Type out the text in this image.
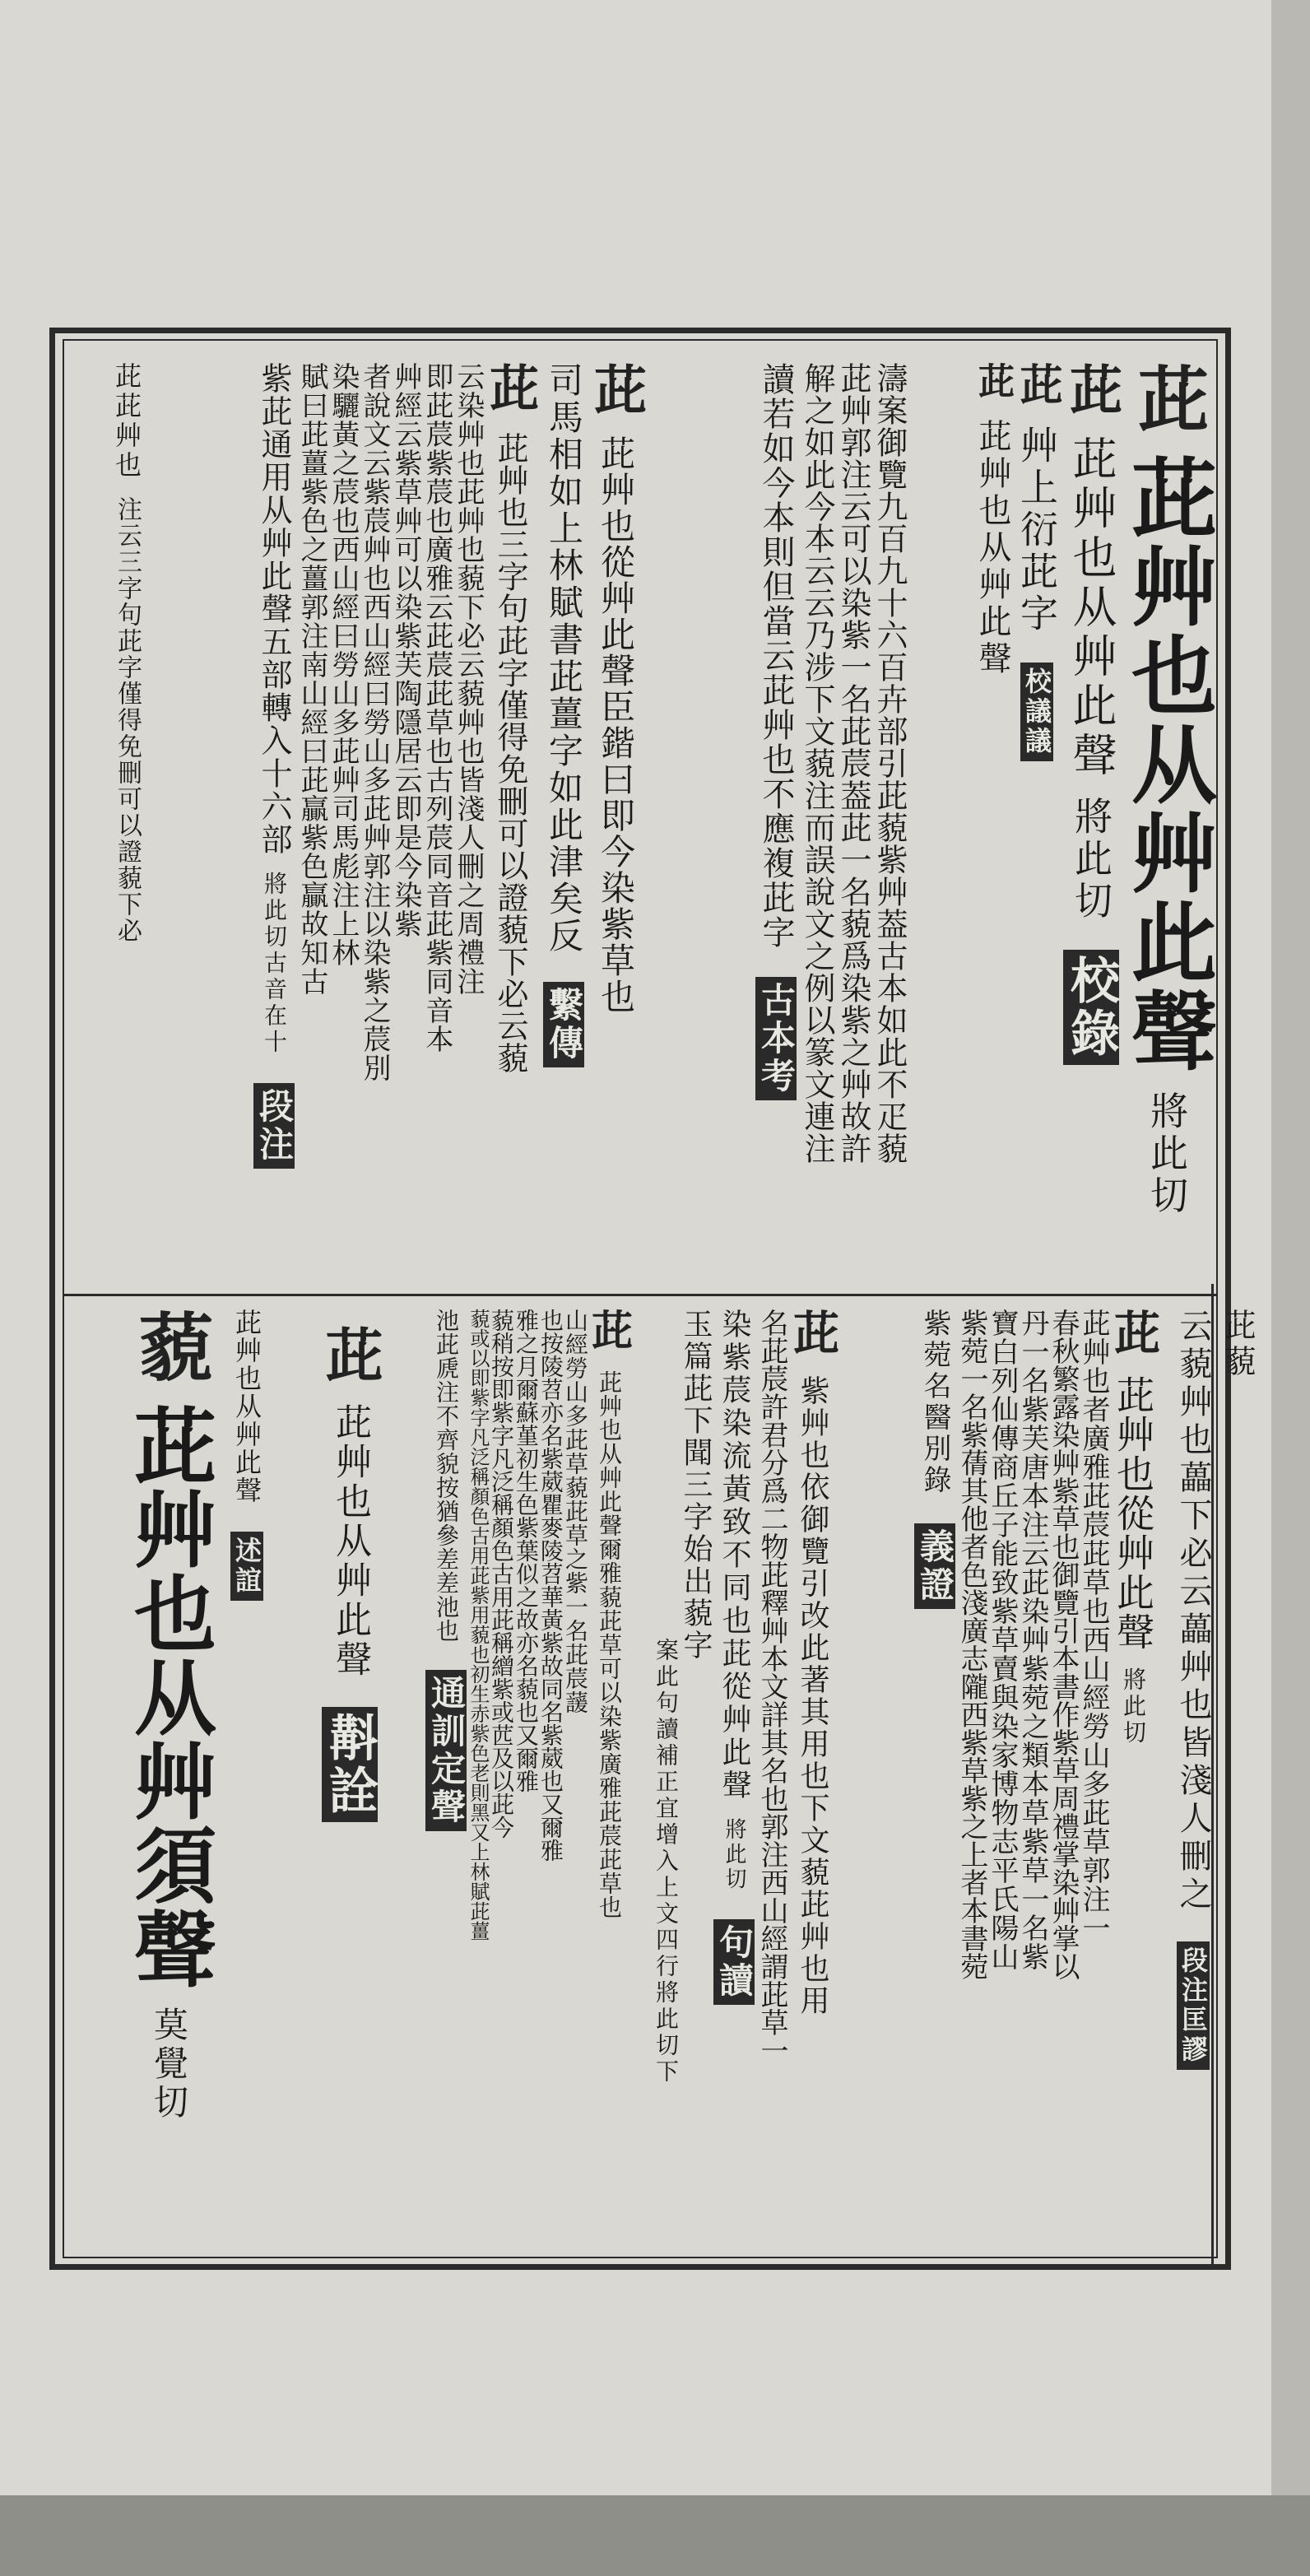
茈藐
茈 茈艸也从艸此聲 將此切
茈 茈艸也从艸此聲 將此切 校錄
茈 艸上衍茈字 校議議
茈 茈艸也从艸此聲
濤案御覽九百九十六百卉部引茈藐紫艸葢古本如此不疋藐
茈艸郭注云可以染紫一名茈莀葢茈一名藐爲染紫之艸故許
解之如此今本云云乃涉下文藐注而誤說文之例以篆文連注
讀若如今本則但當云茈艸也不應複茈字 古本考
茈 茈艸也從艸此聲臣鍇曰即今染紫草也
司馬相如上林賦書茈薑字如此津矣反 繫傳
茈 茈艸也三字句茈字僅得免刪可以證藐下必云藐
云染艸也茈艸也藐下必云藐艸也皆淺人刪之周禮注
即茈莀紫莀也廣雅云茈莀茈草也古列莀同音茈紫同音本
艸經云紫草艸可以染紫芙陶隱居云即是今染紫
者說文云紫莀艸也西山經曰勞山多茈艸郭注以染紫之莀別
染驪黃之莀也西山經曰勞山多茈艸司馬彪注上林
賦曰茈薑紫色之薑郭注南山經曰茈贏紫色贏故知古
紫茈通用从艸此聲五部轉入十六部 將此切古音在十 段注
茈茈艸也 注云三字句茈字僅得免刪可以證藐下必
云藐艸也藟下必云藟艸也皆淺人刪之 段注匡謬
茈 茈艸也從艸此聲 將此切
茈艸也者廣雅茈莀茈草也西山經勞山多茈草郭注一
春秋繁露染艸紫草也御覽引本書作紫草周禮掌染艸掌以
丹一名紫芙唐本注云茈染艸紫菀之類本草紫草一名紫
寶白列仙傳商丘子能致紫草賣與染家博物志平氏陽山
紫菀一名紫蒨其他者色淺廣志隴西紫草紫之上者本書菀
紫菀名醫別錄 義證
茈 紫艸也依御覽引改此著其用也下文藐茈艸也用
名茈莀許君分爲二物茈釋艸本文詳其名也郭注西山經謂茈草一
染紫莀染流黃致不同也茈從艸此聲 將此切 句讀
玉篇茈下聞三字始出藐字
案此句讀補正宜增入上文四行將此切下
茈 茈艸也从艸此聲爾雅藐茈草可以染紫廣雅茈莀茈草也
山經勞山多茈草藐茈草之紫一名茈莀蘐
也按陵苕亦名紫葳瞿麥陵苕華黃紫故同名紫葳也又爾雅
雅之月爾蘇堇初生色紫葉似之故亦名藐也又爾雅
藐稍按即紫字凡泛稱顏色古用茈稱繒紫或苉及以茈今
藐或以即紫字凡泛稱顏色古用茈紫用藐也初生赤紫色老則黑又上林賦茈薑
池茈虒注不齊貌按猶參差差池也 通訓定聲
茈 茈艸也从艸此聲 斠詮
茈艸也从艸此聲 述誼
藐 茈艸也从艸須聲 莫覺切
